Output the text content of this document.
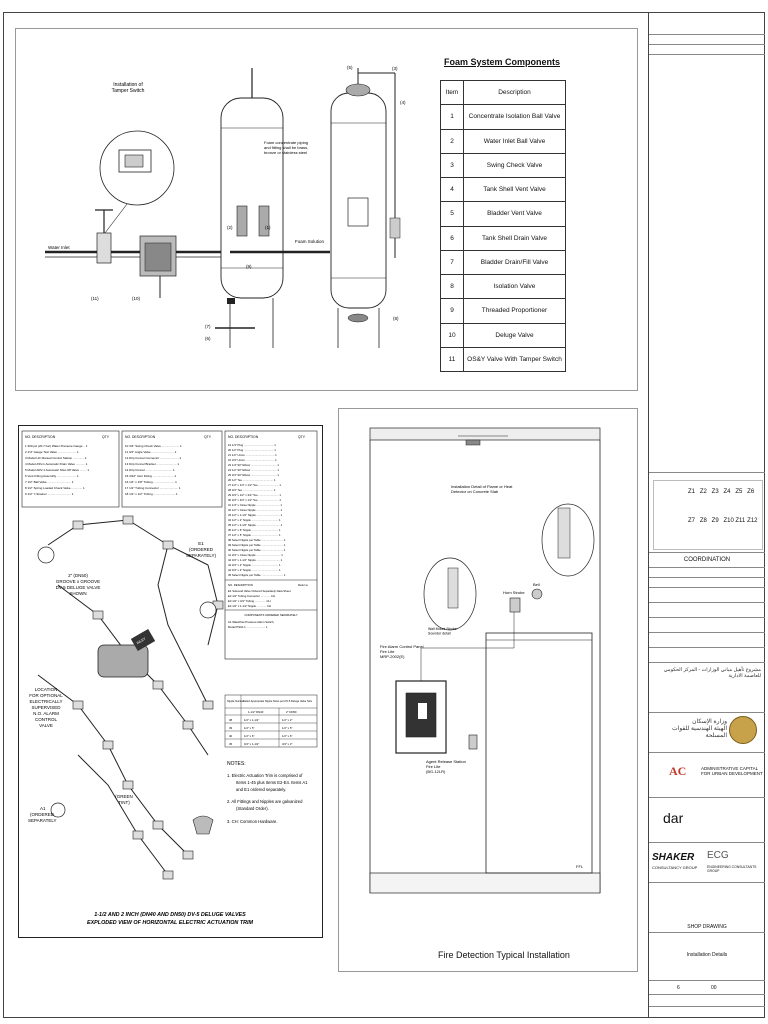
Installation of Tamper Switch
Water Inlet
Foam Solution
Foam concentrate piping and fitting shall be brass, bronze or stainless steel
(11)	(10)
(2)	(1)
(5)	(3)
(4)
(8)
(7)
(6)
(9)
Foam System Components
Item	Description
1	Concentrate Isolation Ball Valve
2	Water Inlet Ball Valve
3	Swing Check Valve
4	Tank Shell Vent Valve
5	Bladder Vent Valve
6	Tank Shell Drain Valve
7	Bladder Drain/Fill Valve
8	Isolation Valve
9	Threaded Proportioner
10	Deluge Valve
11	OS&Y Valve With Tamper Switch
NO. DESCRIPTION	QTY.	NO. DESCRIPTION	QTY.	NO. DESCRIPTION	QTY.
1 300 psi (20.7 bar) Water Pressure Gauge .. 1
2 1/4" Gauge Test Valve ...................... 1
3 Model HC Manual Control Station ............. 1
4 Model ASV-1 Automatic Drain Valve ........... 1
5 Model ARV-1 Automatic Shut-Off Valve ........ 1
6 Vent Fitting Assembly ....................... 1
7 1/2" Ball Valve ............................ 1
8 1/2" Spring Loaded Check Valve ............. 1
9 1/2" Y-Strainer ............................ 1
10 3/4" Swing Check Valve ..................... 1
11 3/4" Angle Valve ........................... 1
12 Drip Funnel Connector ...................... 1
13 Drip Funnel Bracket ........................ 1
14 Drip Funnel ................................ 1
15 3/32" Vent Fitting ......................... 1
16 1/4" x 1/8" Tubing ......................... 1
17 1/2" Tubing Connector ...................... 1
18 1/2" x 1/2" Tubing .......................... 1
19 1/4" Plug ...................................... 1
20 1/2" Plug ...................................... 1
21 1/2" Union ..................................... 1
22 3/4" Union ..................................... 1
23 1/4" 90° Elbow ................................. 1
24 1/2" 90° Elbow ................................. 1
25 3/4" 90° Elbow ................................. 1
26 1/2" Tee ....................................... 1
27 1/2" x 1/4" x 1/2" Tee .......................... 1
28 3/4" Tee ....................................... 1
29 3/4" x 1/2" x 3/4" Tee .......................... 1
30 3/4" x 3/4" x 1/2" Tee .......................... 1
31 1/4" x Close Nipple .............................. 1
32 1/2" x Close Nipple .............................. 1
33 1/2" x 1-1/2" Nipple .............................. 1
34 1/2" x 2" Nipple .................................. 1
35 1/2" x 2-1/2" Nipple .............................. 1
36 1/2" x 6" Nipple .................................. 1
37 1/2" x 5" Nipple .................................. 1
38 Select Nipple per Table ............................ 1
39 Select Nipple per Table ............................ 1
40 Select Nipple per Table ............................ 1
41 3/4" x Close Nipple ............................... 1
42 3/4" x 1-1/2" Nipple .............................. 1
43 3/4" x 2" Nipple .................................. 1
44 3/4" x 3" Nipple .................................. 1
45 Select Nipple per Table ............................ 1
NO. DESCRIPTION	Refer to
E1 Solenoid Valve Ordered Separately Data Sheet
E2 1/2" Tubing Connector ............ CH
E3 1/2" x 3/4" Tubing .............. CH
E4 1/2" x 1-1/2" Nipple ............ CH
COMPONENTS ORDERED SEPARATELY
A1 Waterflow Pressure Alarm Switch, Model PS10-1 ........................ 1
Nipple Number
Select Appropriate Nipple Sizes per DV-5 Deluge Valve Size
1-1/2" DN40	2" DN50
38	1/2" x 1-1/2"	1/2" x 2"
39	1/2" x 5"	1/2" x 5"
40	1/2" x 6"	1/2" x 6"
45	3/4" x 1-1/2"	3/4" x 3"
NOTES:
1. Electric Actuation Trim is comprised of Items 1-45 plus Items E2-E4. Items A1 and E1 ordered separately.
2. All Fittings and Nipples are galvanized (Standard Order).
3. CH: Common Hardware.
INLET
2" (DN50) GROOVE x GROOVE DV-5 DELUGE VALVE SHOWN
LOCATION FOR OPTIONAL ELECTRICALLY SUPERVISED N.O. ALARM CONTROL VALVE
E1 (ORDERED SEPARATELY)
A1 (ORDERED SEPARATELY
(GREEN TINT)
1-1/2 AND 2 INCH (DN40 AND DN50) DV-5 DELUGE VALVES
EXPLODED VIEW OF HORIZONTAL ELECTRIC ACTUATION TRIM
Installation Detail of Flame or Heat Detector on Concrete Slab
Fire Alarm Control Panel Fire Lite MRP-2002(E)
Agent Release Station Fire Lite (BG-12LR)
Horn Strobe
Bell
Wall Mount Strobe Sounder detail
FFL
Fire Detection Typical Installation
Z1 Z2 Z3 Z4 Z5 Z6
Z7 Z8 Z9 Z10 Z11 Z12
COORDINATION
مشروع تأهيل مباني الوزارات - المركز الحكومي للعاصمة الادارية
وزارة الإسكان
الهيئة الهندسية للقوات المسلحة
AC	ADMINISTRATIVE CAPITAL
FOR URBAN DEVELOPMENT
dar
SHAKER
CONSULTANCY GROUP
ECG
ENGINEERING CONSULTANTS GROUP
SHOP DRAWING
Installation Details
6	00
